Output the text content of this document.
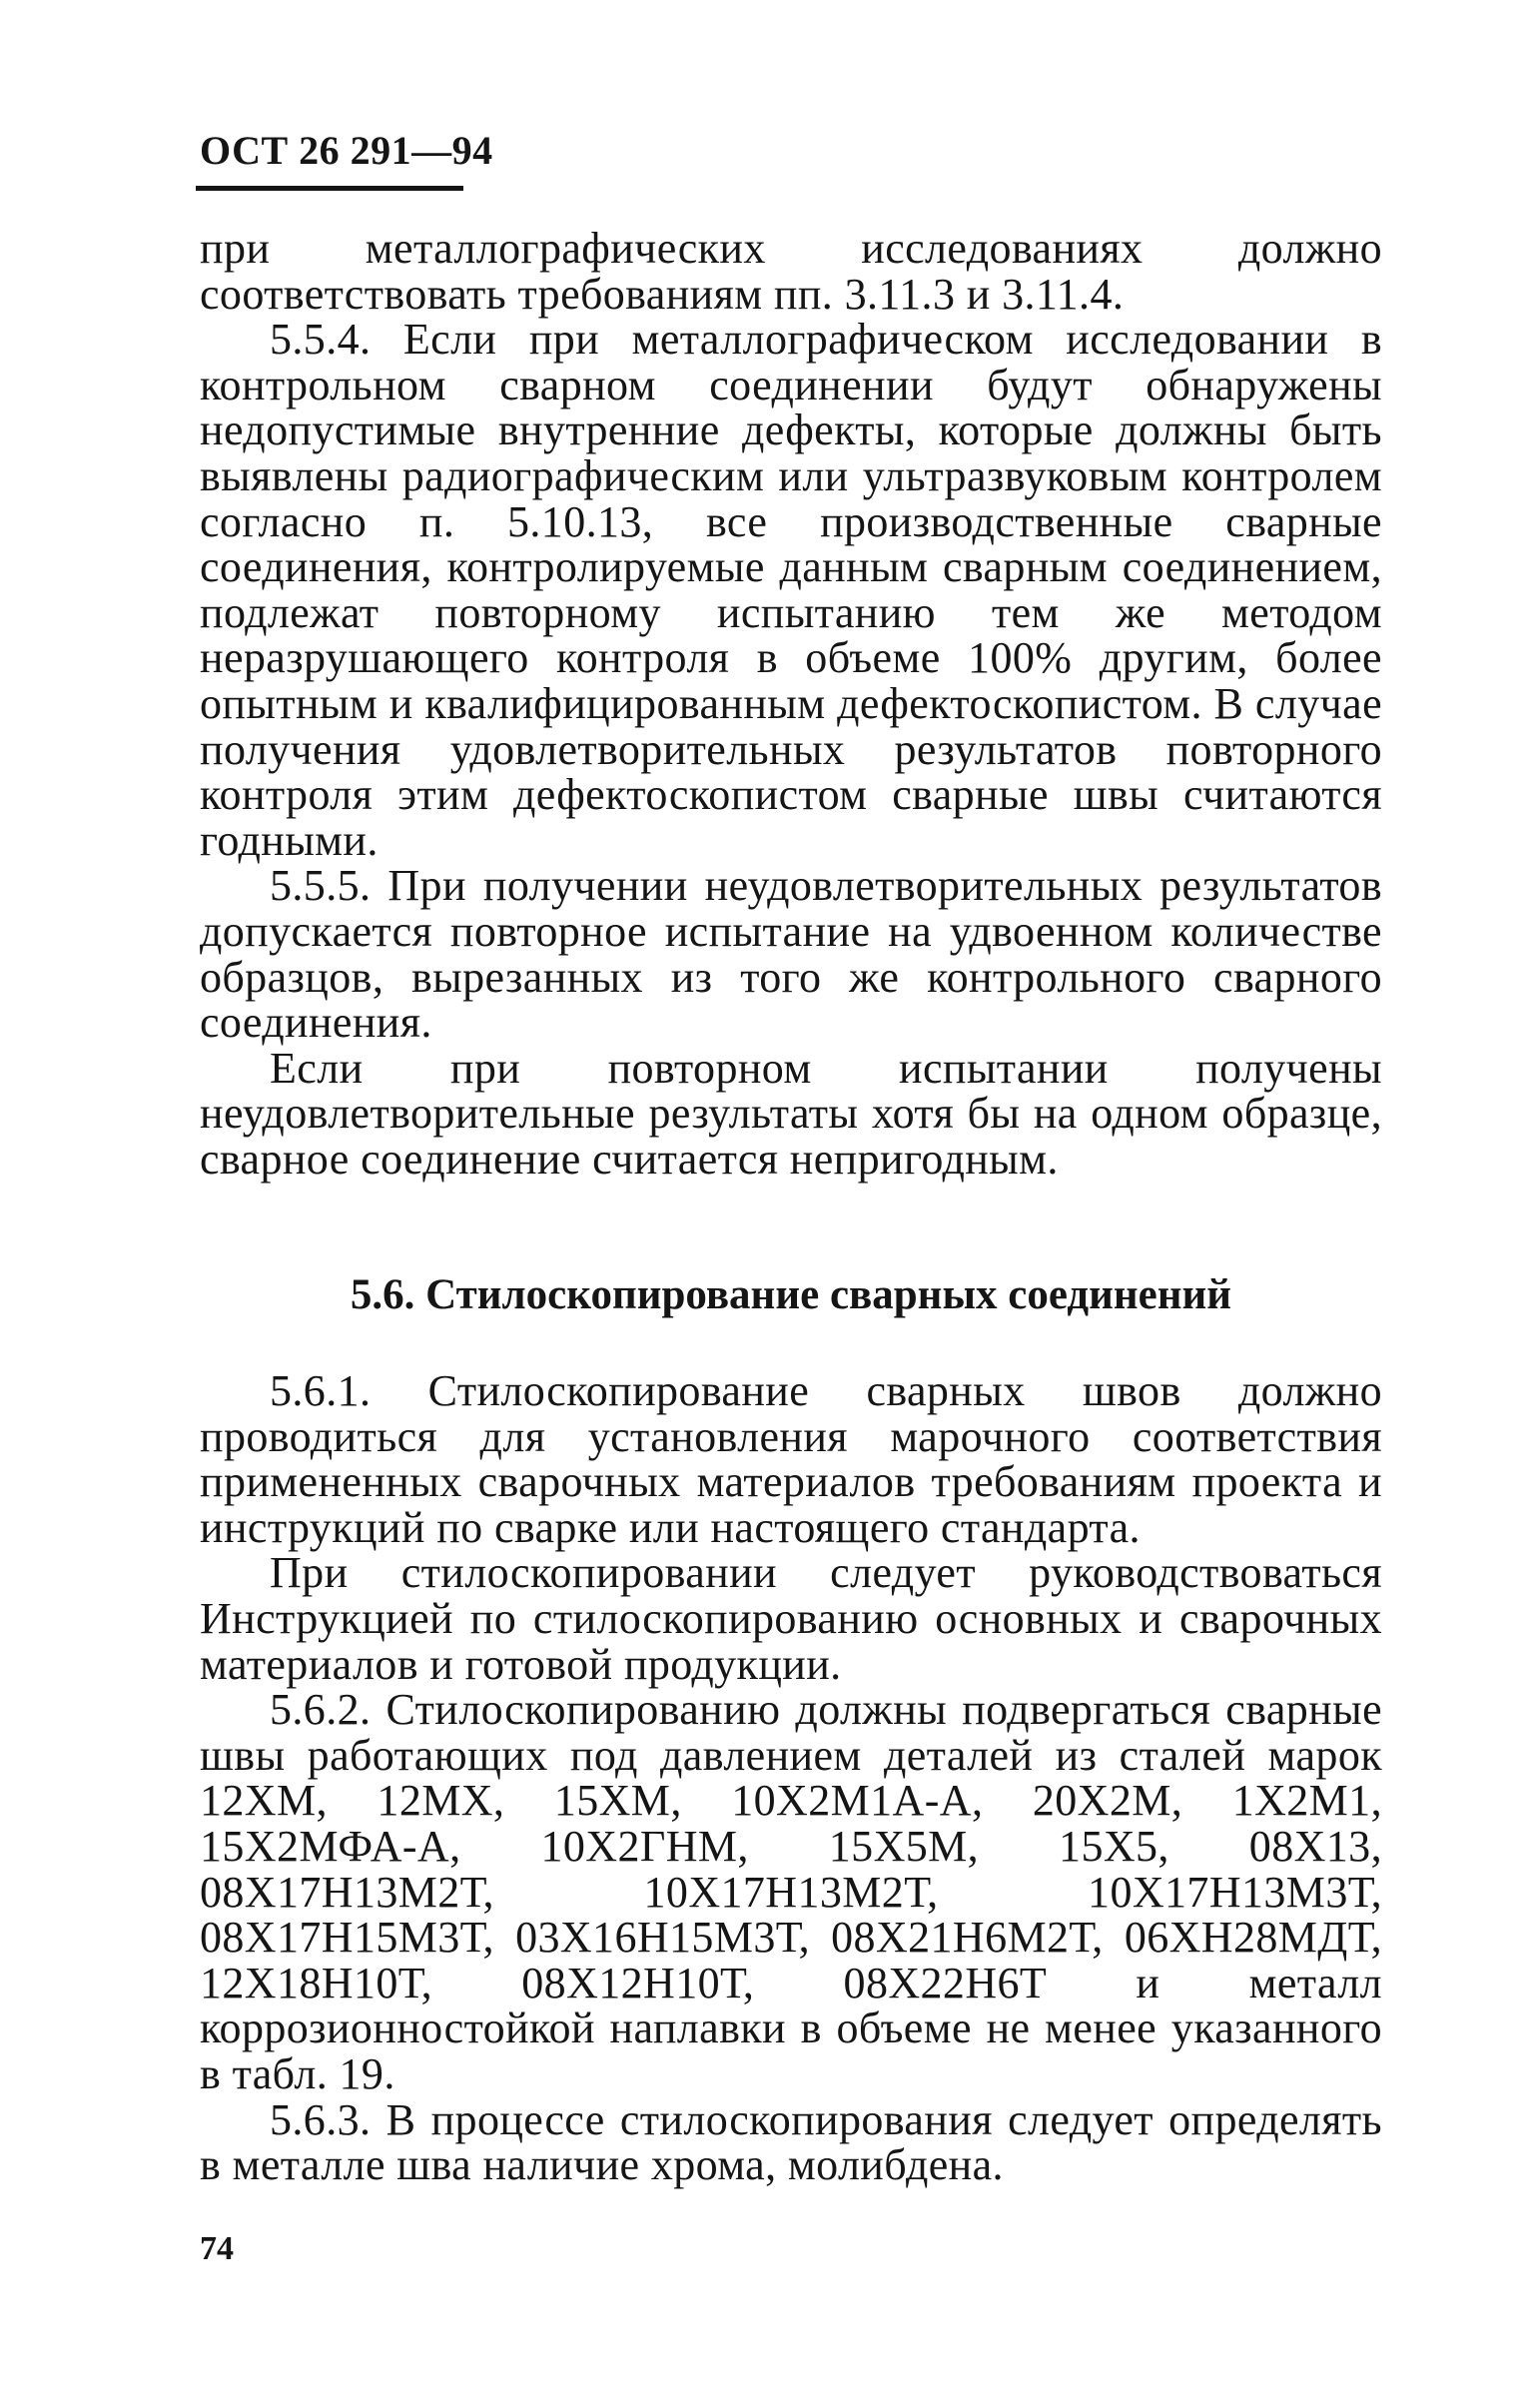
ОСТ 26 291—94

при металлографических исследованиях должно соответствовать требованиям пп. 3.11.3 и 3.11.4.

5.5.4. Если при металлографическом исследовании в контрольном сварном соединении будут обнаружены недопустимые внутренние дефекты, которые должны быть выявлены радиографическим или ультразвуковым контролем согласно п. 5.10.13, все производственные сварные соединения, контролируемые данным сварным соединением, подлежат повторному испытанию тем же методом неразрушающего контроля в объеме 100% другим, более опытным и квалифицированным дефектоскопистом. В случае получения удовлетворительных результатов повторного контроля этим дефектоскопистом сварные швы считаются годными.

5.5.5. При получении неудовлетворительных результатов допускается повторное испытание на удвоенном количестве образцов, вырезанных из того же контрольного сварного соединения.

Если при повторном испытании получены неудовлетворительные результаты хотя бы на одном образце, сварное соединение считается непригодным.

5.6. Стилоскопирование сварных соединений

5.6.1. Стилоскопирование сварных швов должно проводиться для установления марочного соответствия примененных сварочных материалов требованиям проекта и инструкций по сварке или настоящего стандарта.

При стилоскопировании следует руководствоваться Инструкцией по стилоскопированию основных и сварочных материалов и готовой продукции.

5.6.2. Стилоскопированию должны подвергаться сварные швы работающих под давлением деталей из сталей марок 12ХМ, 12МХ, 15ХМ, 10Х2М1А-А, 20Х2М, 1Х2М1, 15Х2МФА-А, 10Х2ГНМ, 15Х5М, 15Х5, 08Х13, 08Х17Н13М2Т, 10Х17Н13М2Т, 10Х17Н13М3Т, 08Х17Н15М3Т, 03Х16Н15М3Т, 08Х21Н6М2Т, 06ХН28МДТ, 12Х18Н10Т, 08Х12Н10Т, 08Х22Н6Т и металл коррозионностойкой наплавки в объеме не менее указанного в табл. 19.

5.6.3. В процессе стилоскопирования следует определять в металле шва наличие хрома, молибдена.

74
